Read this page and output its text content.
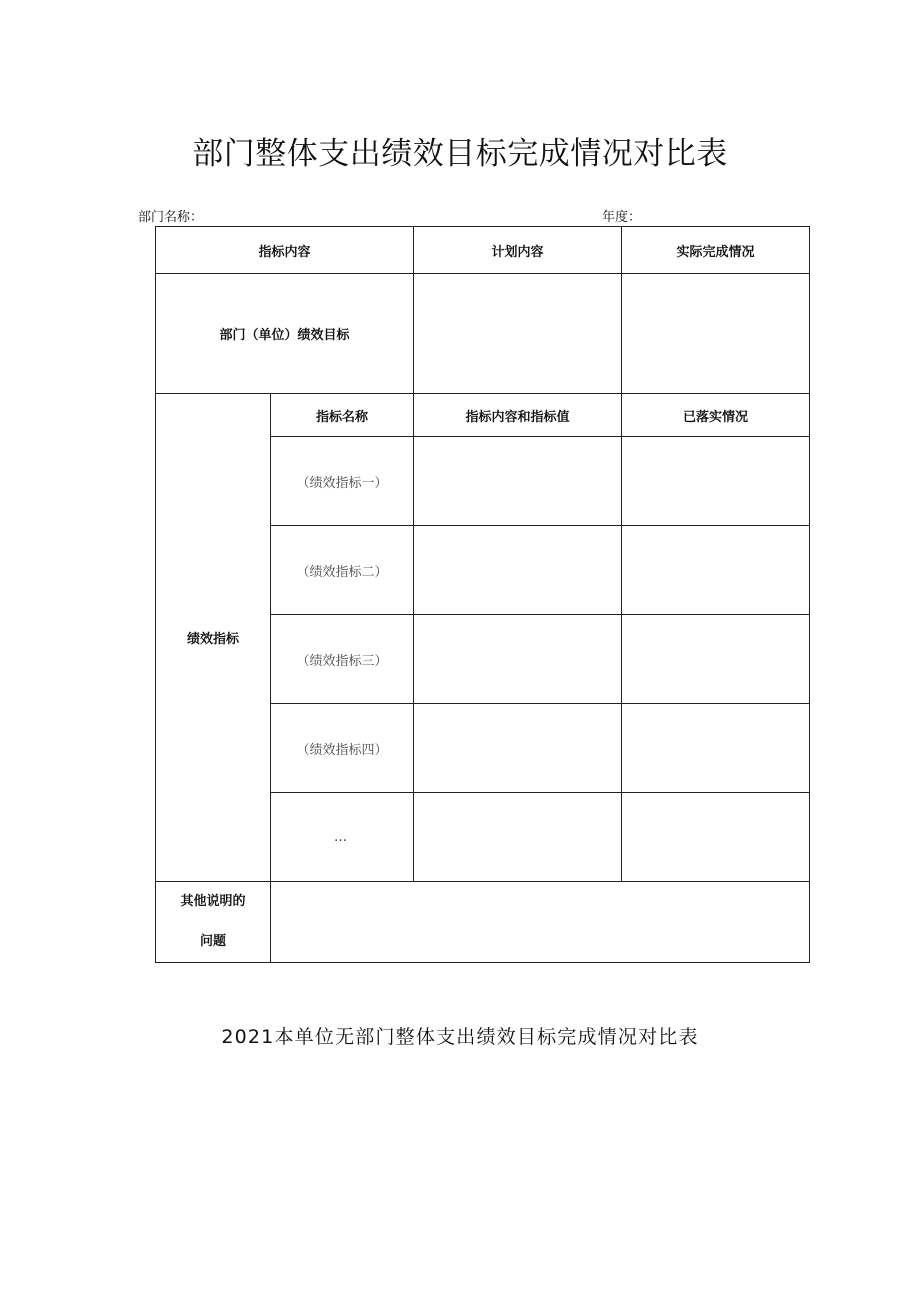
部门整体支出绩效目标完成情况对比表
部门名称：	年度：
指标内容		计划内容	实际完成情况
部门（单位）绩效目标			
绩效指标	指标名称	指标内容和指标值	已落实情况
	（绩效指标一）		
	（绩效指标二）		
	（绩效指标三）		
	（绩效指标四）		
	…		
其他说明的
问题			

2021本单位无部门整体支出绩效目标完成情况对比表
